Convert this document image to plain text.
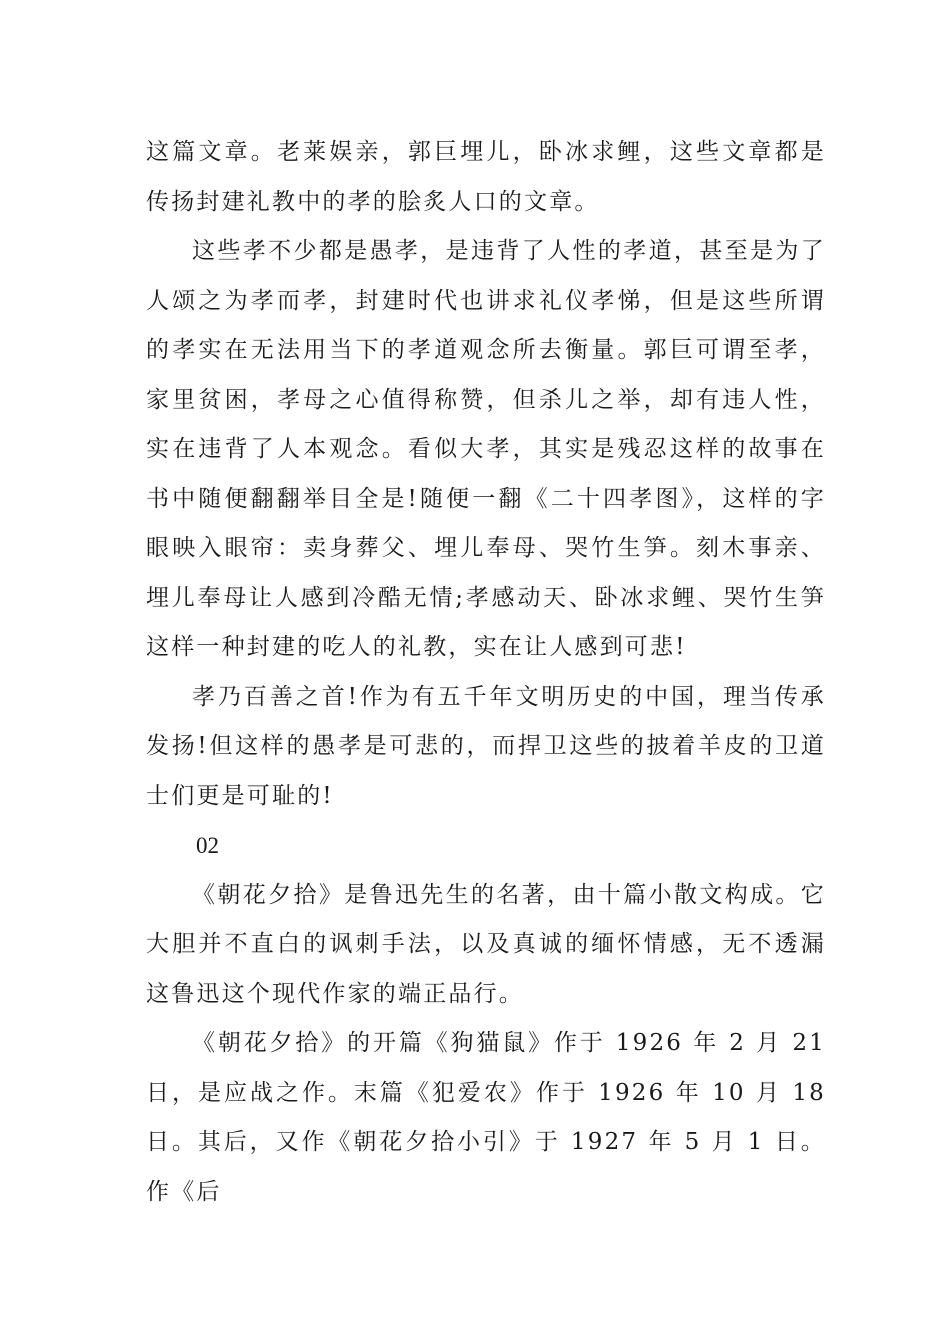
这篇文章。老莱娱亲，郭巨埋儿，卧冰求鲤，这些文章都是传扬封建礼教中的孝的脍炙人口的文章。

这些孝不少都是愚孝，是违背了人性的孝道，甚至是为了人颂之为孝而孝，封建时代也讲求礼仪孝悌，但是这些所谓的孝实在无法用当下的孝道观念所去衡量。郭巨可谓至孝，家里贫困，孝母之心值得称赞，但杀儿之举，却有违人性，实在违背了人本观念。看似大孝，其实是残忍这样的故事在书中随便翻翻举目全是!随便一翻《二十四孝图》，这样的字眼映入眼帘：卖身葬父、埋儿奉母、哭竹生笋。刻木事亲、埋儿奉母让人感到冷酷无情;孝感动天、卧冰求鲤、哭竹生笋这样一种封建的吃人的礼教，实在让人感到可悲!

孝乃百善之首!作为有五千年文明历史的中国，理当传承发扬!但这样的愚孝是可悲的，而捍卫这些的披着羊皮的卫道士们更是可耻的!

02

《朝花夕拾》是鲁迅先生的名著，由十篇小散文构成。它大胆并不直白的讽刺手法，以及真诚的缅怀情感，无不透漏这鲁迅这个现代作家的端正品行。

《朝花夕拾》的开篇《狗猫鼠》作于 1926 年 2 月 21 日，是应战之作。末篇《犯爱农》作于 1926 年 10 月 18 日。其后，又作《朝花夕拾小引》于 1927 年 5 月 1 日。作《后
